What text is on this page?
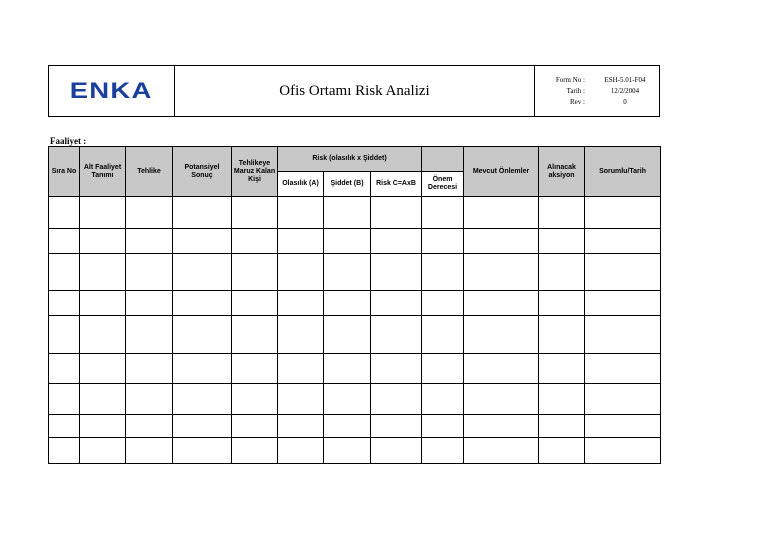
ENKA	Ofis Ortamı Risk Analizi
Form No :	ESH-5.01-F04
Tarih :	12/2/2004
Rev :	0
Faaliyet :
Sıra No	Alt Faaliyet Tanımı	Tehlike	Potansiyel Sonuç	Tehlikeye Maruz Kalan Kişi	Risk (olasılık x Şiddet)				Mevcut Önlemler	Alınacak aksiyon	Sorumlu/Tarih
					Olasılık (A)	Şiddet (B)	Risk C=AxB	Önem Derecesi			
